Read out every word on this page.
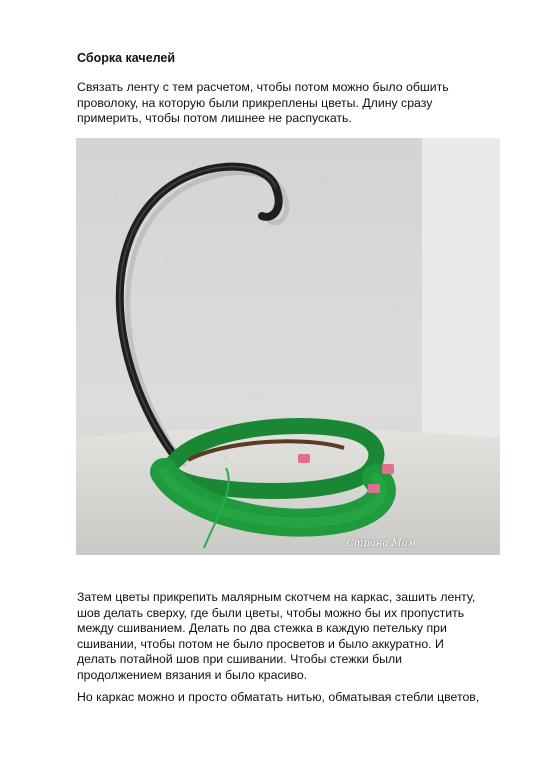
Сборка качелей
Связать ленту с тем расчетом, чтобы потом можно было обшить
проволоку, на которую были прикреплены цветы. Длину сразу
примерить, чтобы потом лишнее не распускать.
Страна Мам
Затем цветы прикрепить малярным скотчем на каркас, зашить ленту,
шов делать сверху, где были цветы, чтобы можно бы их пропустить
между сшиванием. Делать по два стежка в каждую петельку при
сшивании, чтобы потом не было просветов и было аккуратно. И
делать потайной шов при сшивании. Чтобы стежки были
продолжением вязания и было красиво.
Но каркас можно и просто обматать нитью, обматывая стебли цветов,
